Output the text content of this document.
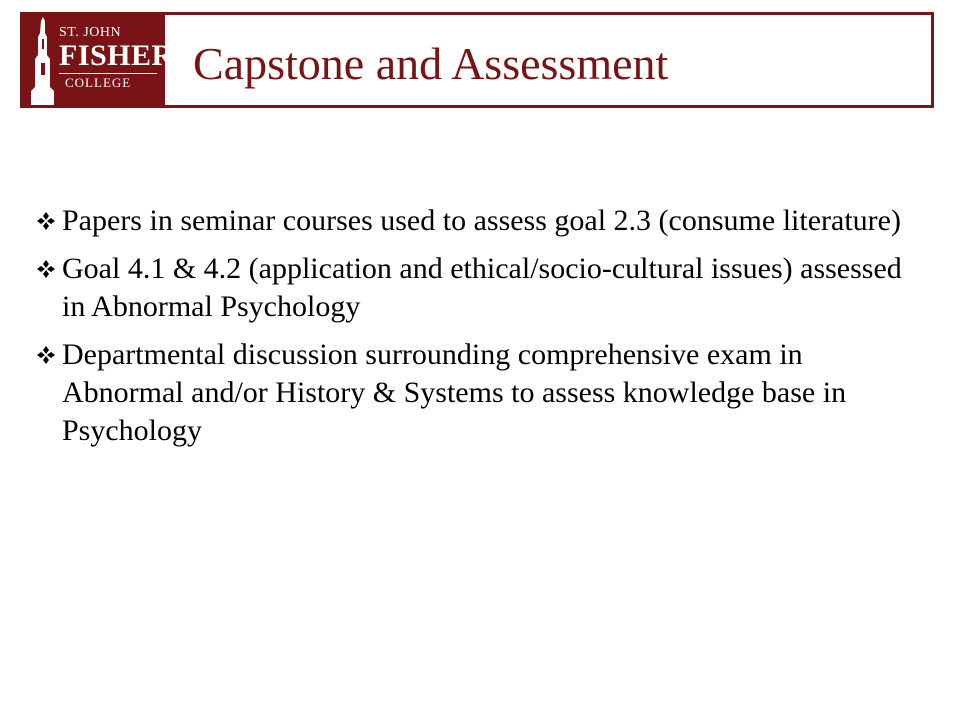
ST. JOHN
FISHER
COLLEGE	Capstone and Assessment
Papers in seminar courses used to assess goal 2.3 (consume literature)
Goal 4.1 & 4.2 (application and ethical/socio-cultural issues) assessed in Abnormal Psychology
Departmental discussion surrounding comprehensive exam in Abnormal and/or History & Systems to assess knowledge base in Psychology
